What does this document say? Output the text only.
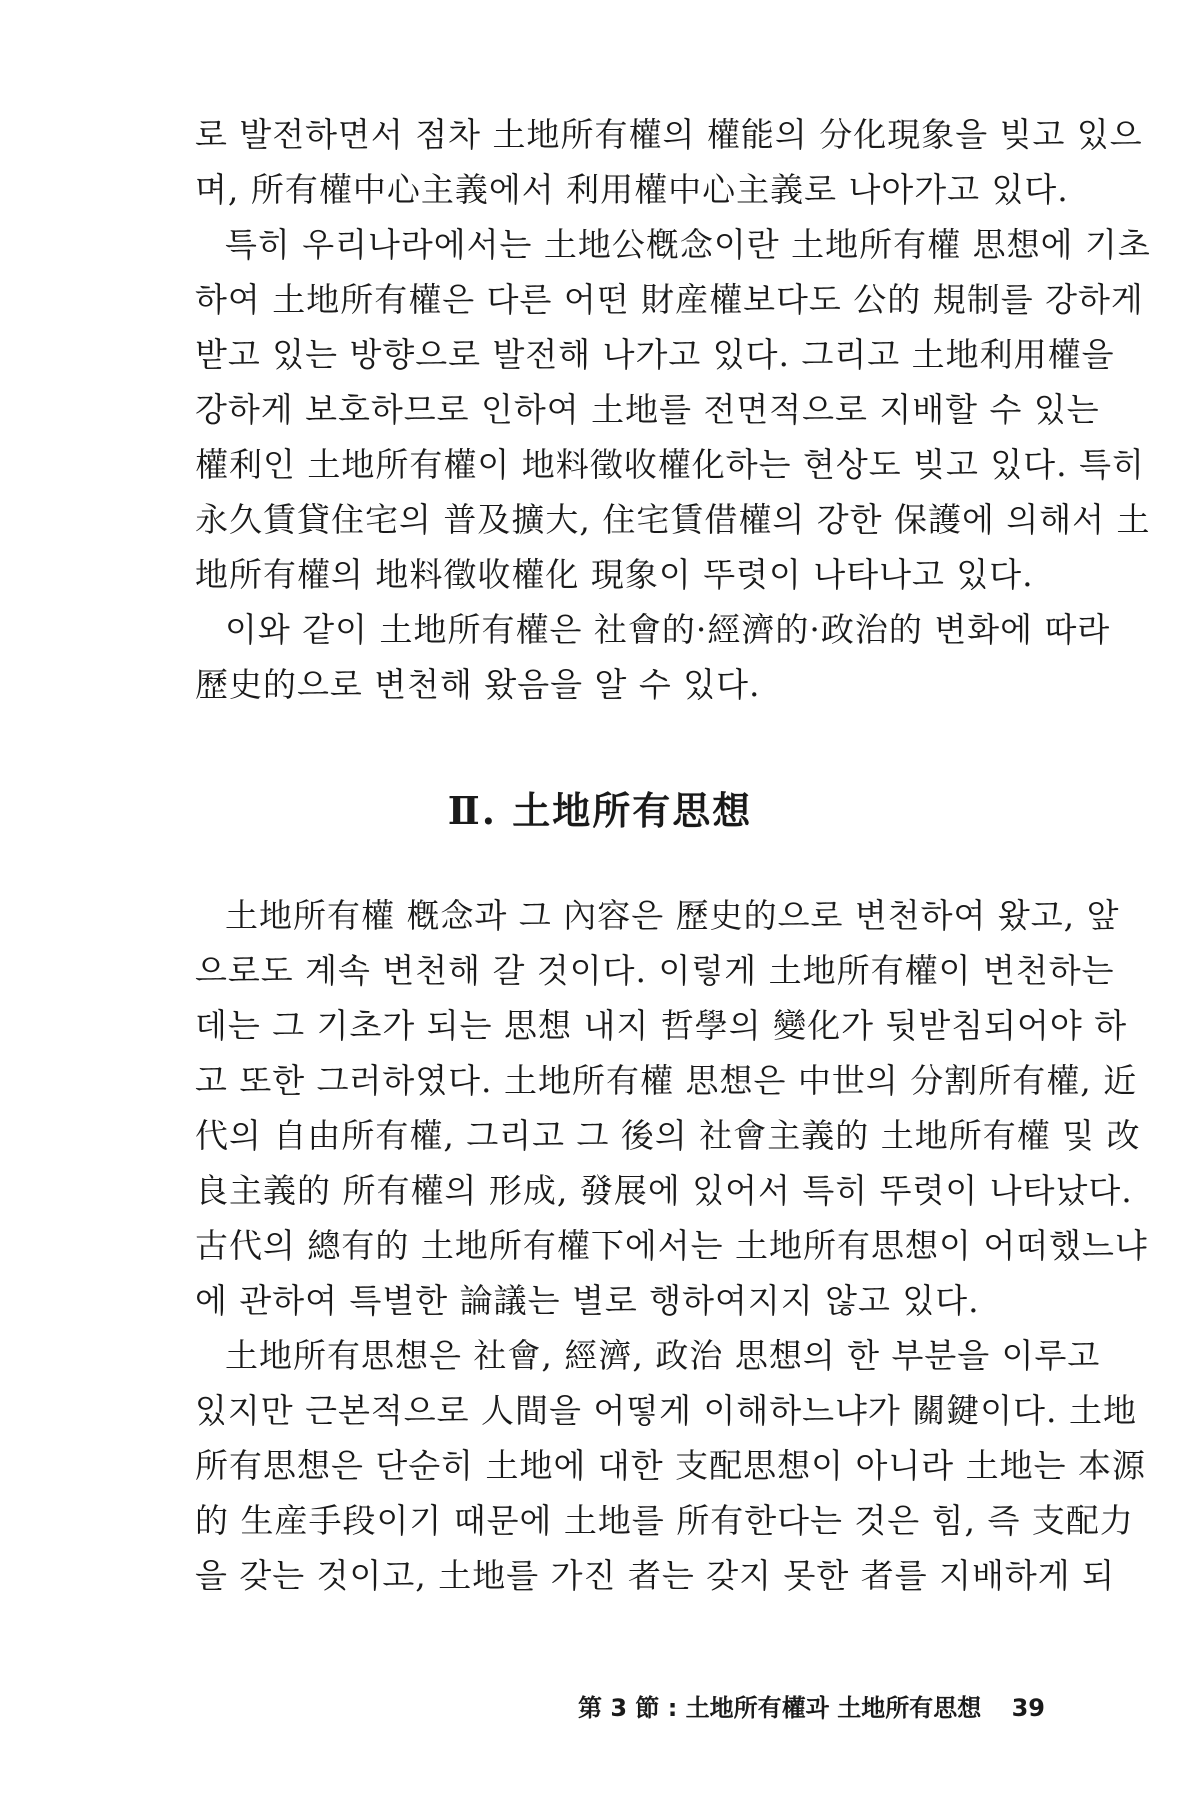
로 발전하면서 점차 土地所有權의 權能의 分化現象을 빚고 있으
며, 所有權中心主義에서 利用權中心主義로 나아가고 있다.
특히 우리나라에서는 土地公槪念이란 土地所有權 思想에 기초
하여 土地所有權은 다른 어떤 財産權보다도 公的 規制를 강하게
받고 있는 방향으로 발전해 나가고 있다. 그리고 土地利用權을
강하게 보호하므로 인하여 土地를 전면적으로 지배할 수 있는
權利인 土地所有權이 地料徵收權化하는 현상도 빚고 있다. 특히
永久賃貸住宅의 普及擴大, 住宅賃借權의 강한 保護에 의해서 土
地所有權의 地料徵收權化 現象이 뚜렷이 나타나고 있다.
이와 같이 土地所有權은 社會的·經濟的·政治的 변화에 따라
歷史的으로 변천해 왔음을 알 수 있다.
Ⅱ. 土地所有思想
土地所有權 槪念과 그 內容은 歷史的으로 변천하여 왔고, 앞
으로도 계속 변천해 갈 것이다. 이렇게 土地所有權이 변천하는
데는 그 기초가 되는 思想 내지 哲學의 變化가 뒷받침되어야 하
고 또한 그러하였다. 土地所有權 思想은 中世의 分割所有權, 近
代의 自由所有權, 그리고 그 後의 社會主義的 土地所有權 및 改
良主義的 所有權의 形成, 發展에 있어서 특히 뚜렷이 나타났다.
古代의 總有的 土地所有權下에서는 土地所有思想이 어떠했느냐
에 관하여 특별한 論議는 별로 행하여지지 않고 있다.
土地所有思想은 社會, 經濟, 政治 思想의 한 부분을 이루고
있지만 근본적으로 人間을 어떻게 이해하느냐가 關鍵이다. 土地
所有思想은 단순히 土地에 대한 支配思想이 아니라 土地는 本源
的 生産手段이기 때문에 土地를 所有한다는 것은 힘, 즉 支配力
을 갖는 것이고, 土地를 가진 者는 갖지 못한 者를 지배하게 되
第 3 節 : 土地所有權과 土地所有思想 39
